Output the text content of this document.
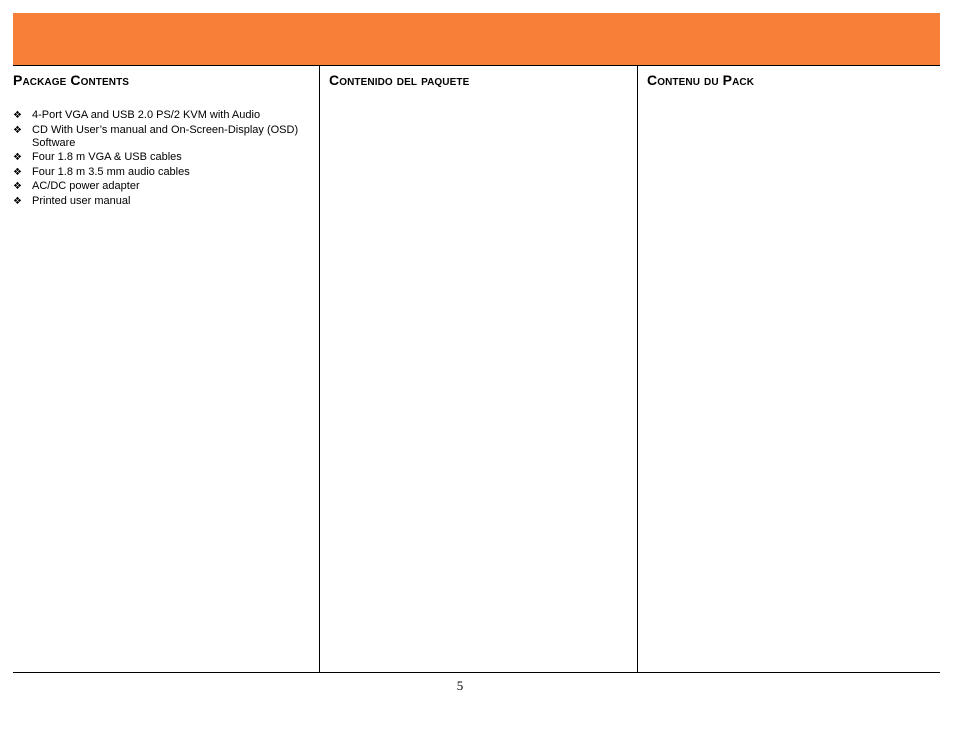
Package Contents
❖ 4-Port VGA and USB 2.0 PS/2 KVM with Audio
❖ CD With User’s manual and On-Screen-Display (OSD) Software
❖ Four 1.8 m VGA & USB cables
❖ Four 1.8 m 3.5 mm audio cables
❖ AC/DC power adapter
❖ Printed user manual
Contenido del paquete	Contenu du Pack
5
